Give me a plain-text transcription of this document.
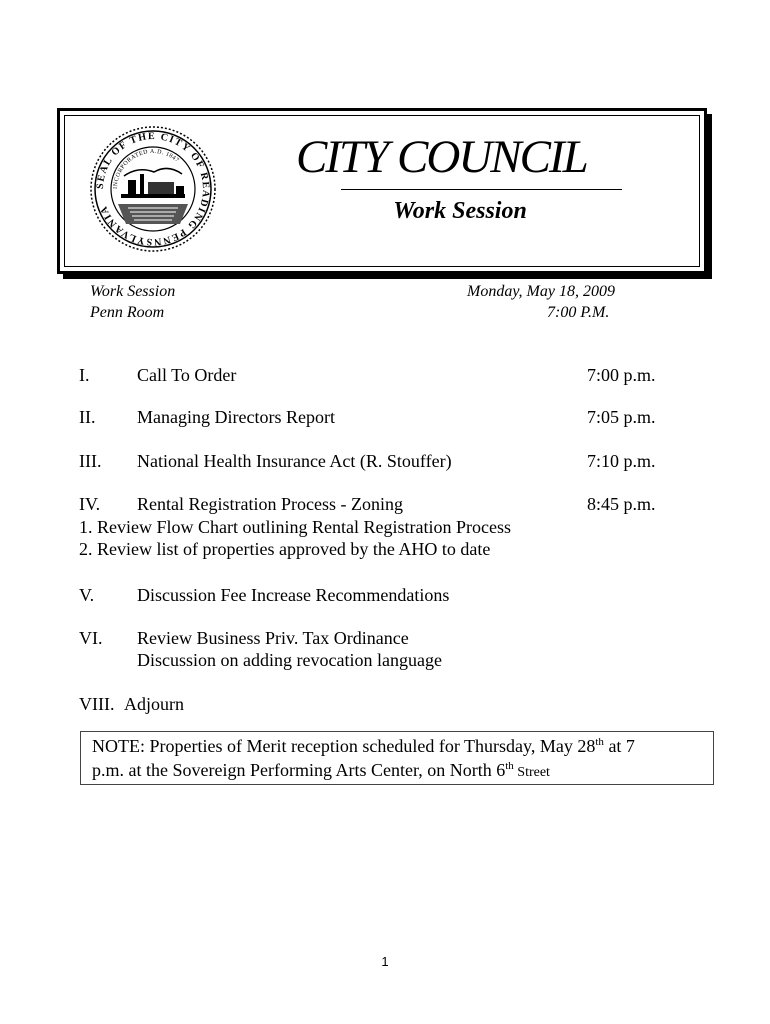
SEAL OF THE CITY OF READING PENNSYLVANIA
INCORPORATED A.D. 1847 CITY COUNCIL
Work Session
Work Session
Penn Room
Monday, May 18, 2009
7:00 P.M.
I.	Call To Order	7:00 p.m.
II. Managing Directors Report	7:05 p.m.
III. National Health Insurance Act (R. Stouffer)	7:10 p.m.
IV. Rental Registration Process - Zoning	8:45 p.m.
1. Review Flow Chart outlining Rental Registration Process
2. Review list of properties approved by the AHO to date
V. Discussion Fee Increase Recommendations
VI. Review Business Priv. Tax Ordinance
Discussion on adding revocation language
VIII. Adjourn
NOTE: Properties of Merit reception scheduled for Thursday, May 28th at 7
p.m. at the Sovereign Performing Arts Center, on North 6th Street
1
